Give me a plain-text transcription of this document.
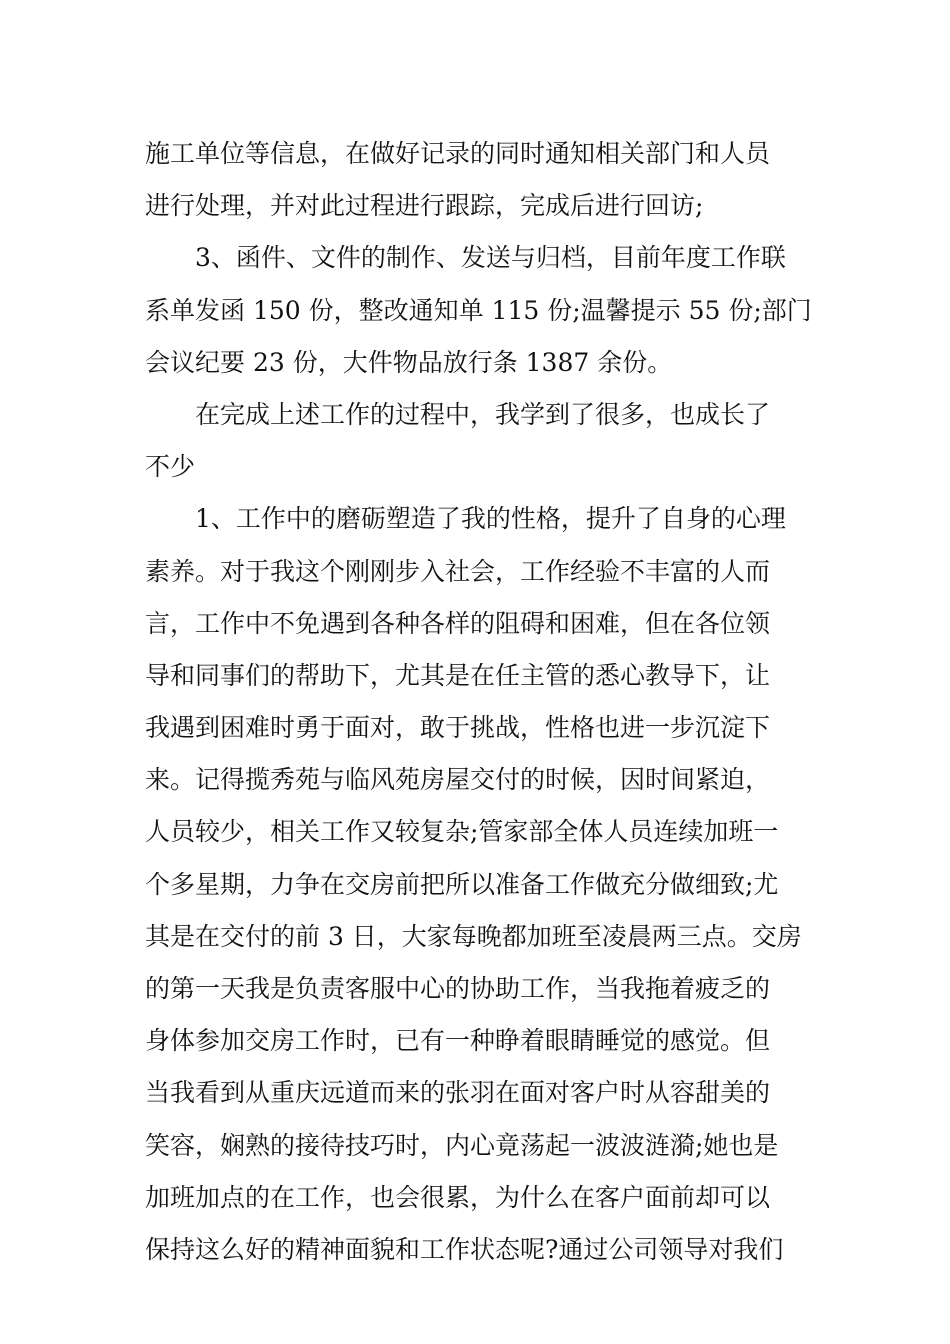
施工单位等信息，在做好记录的同时通知相关部门和人员
进行处理，并对此过程进行跟踪，完成后进行回访;
3、函件、文件的制作、发送与归档，目前年度工作联
系单发函 150 份，整改通知单 115 份;温馨提示 55 份;部门
会议纪要 23 份，大件物品放行条 1387 余份。
在完成上述工作的过程中，我学到了很多，也成长了
不少
1、工作中的磨砺塑造了我的性格，提升了自身的心理
素养。对于我这个刚刚步入社会，工作经验不丰富的人而
言，工作中不免遇到各种各样的阻碍和困难，但在各位领
导和同事们的帮助下，尤其是在任主管的悉心教导下，让
我遇到困难时勇于面对，敢于挑战，性格也进一步沉淀下
来。记得揽秀苑与临风苑房屋交付的时候，因时间紧迫，
人员较少，相关工作又较复杂;管家部全体人员连续加班一
个多星期，力争在交房前把所以准备工作做充分做细致;尤
其是在交付的前 3 日，大家每晚都加班至凌晨两三点。交房
的第一天我是负责客服中心的协助工作，当我拖着疲乏的
身体参加交房工作时，已有一种睁着眼睛睡觉的感觉。但
当我看到从重庆远道而来的张羽在面对客户时从容甜美的
笑容，娴熟的接待技巧时，内心竟荡起一波波涟漪;她也是
加班加点的在工作，也会很累，为什么在客户面前却可以
保持这么好的精神面貌和工作状态呢?通过公司领导对我们
